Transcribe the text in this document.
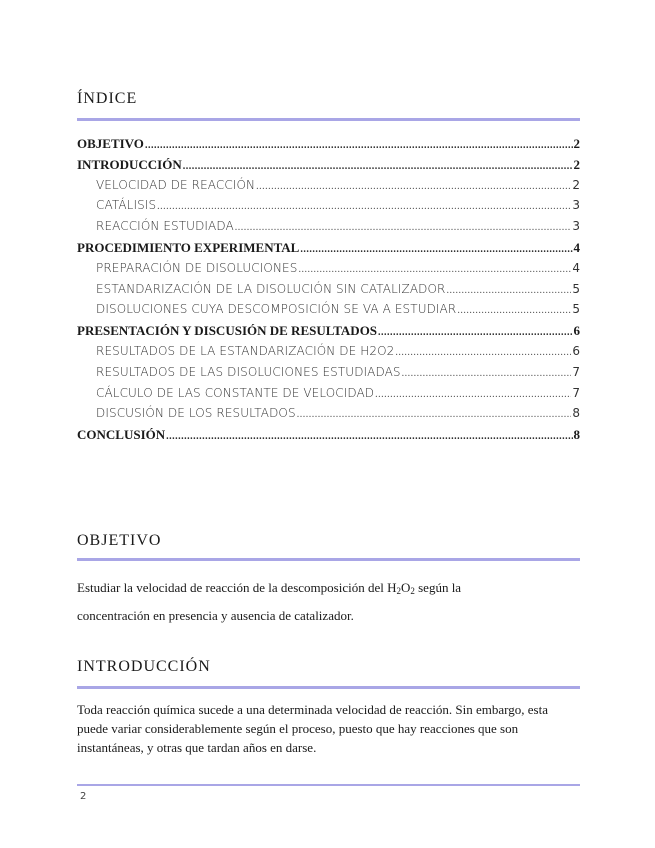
ÍNDICE
OBJETIVO .....	2
INTRODUCCIÓN .....	2
VELOCIDAD DE REACCIÓN .....	2
CATÁLISIS .....	3
REACCIÓN ESTUDIADA .....	3
PROCEDIMIENTO EXPERIMENTAL .....	4
PREPARACIÓN DE DISOLUCIONES .....	4
ESTANDARIZACIÓN DE LA DISOLUCIÓN SIN CATALIZADOR .....	5
DISOLUCIONES CUYA DESCOMPOSICIÓN SE VA A ESTUDIAR .....	5
PRESENTACIÓN Y DISCUSIÓN DE RESULTADOS .....	6
RESULTADOS DE LA ESTANDARIZACIÓN DE H2O2 .....	6
RESULTADOS DE LAS DISOLUCIONES ESTUDIADAS .....	7
CÁLCULO DE LAS CONSTANTE DE VELOCIDAD .....	7
DISCUSIÓN DE LOS RESULTADOS .....	8
CONCLUSIÓN .....	8
OBJETIVO
Estudiar la velocidad de reacción de la descomposición del $H_2O_2$ según la
concentración en presencia y ausencia de catalizador.
INTRODUCCIÓN
Toda reacción química sucede a una determinada velocidad de reacción. Sin embargo, esta puede variar considerablemente según el proceso, puesto que hay reacciones que son instantáneas, y otras que tardan años en darse.
2
